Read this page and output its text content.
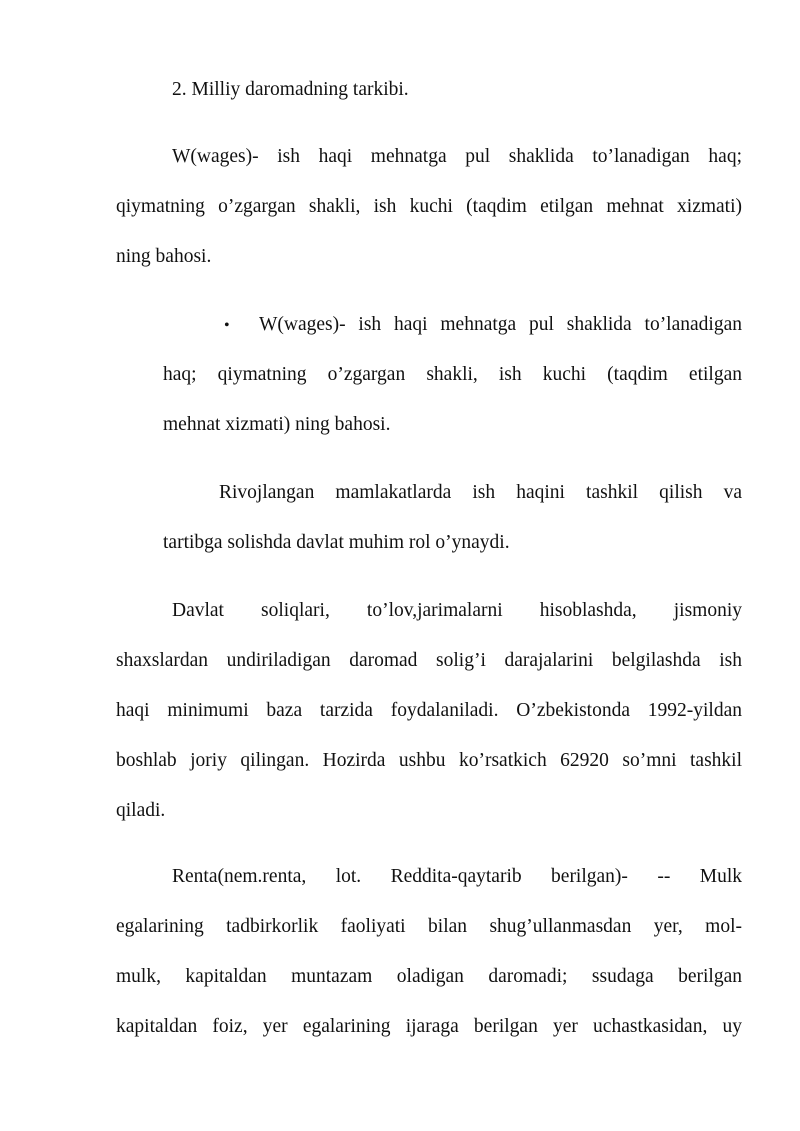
2. Milliy daromadning tarkibi.
W(wages)- ish haqi mehnatga pul shaklida to’lanadigan haq;
qiymatning o’zgargan shakli, ish kuchi (taqdim etilgan mehnat xizmati)
ning bahosi.
• W(wages)- ish haqi mehnatga pul shaklida to’lanadigan
haq; qiymatning o’zgargan shakli, ish kuchi (taqdim etilgan
mehnat xizmati) ning bahosi.
Rivojlangan mamlakatlarda ish haqini tashkil qilish va
tartibga solishda davlat muhim rol o’ynaydi.
Davlat soliqlari, to’lov,jarimalarni hisoblashda, jismoniy
shaxslardan undiriladigan daromad solig’i darajalarini belgilashda ish
haqi minimumi baza tarzida foydalaniladi. O’zbekistonda 1992-yildan
boshlab joriy qilingan. Hozirda ushbu ko’rsatkich 62920 so’mni tashkil
qiladi.
Renta(nem.renta, lot. Reddita-qaytarib berilgan)- -- Mulk
egalarining tadbirkorlik faoliyati bilan shug’ullanmasdan yer, mol-
mulk, kapitaldan muntazam oladigan daromadi; ssudaga berilgan
kapitaldan foiz, yer egalarining ijaraga berilgan yer uchastkasidan, uy
